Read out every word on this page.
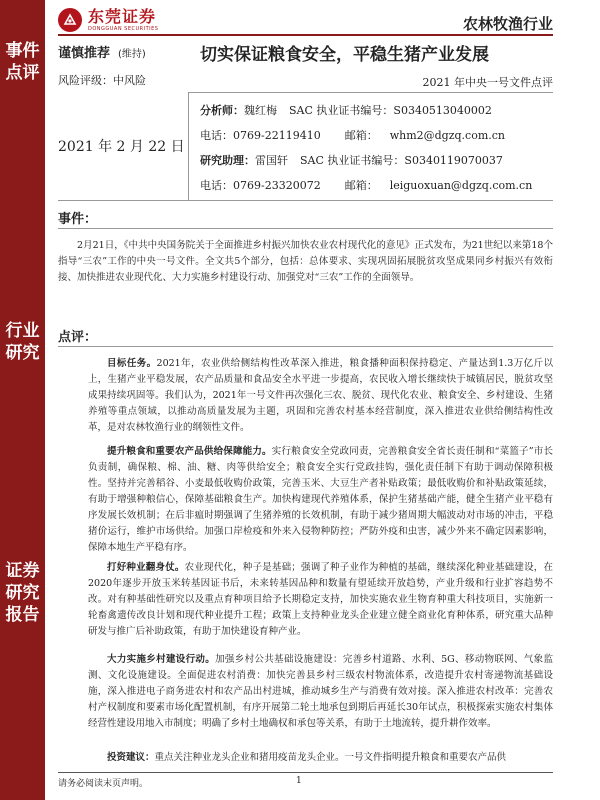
事件
点评
行业
研究
证券
研究
报告
东莞证券
DONGGUAN SECURITIES	农林牧渔行业
谨慎推荐 (维持)	切实保证粮食安全，平稳生猪产业发展
风险评级：中风险	2021 年中央一号文件点评
2021 年 2 月 22 日
分析师：魏红梅 SAC 执业证书编号：S0340513040002
电话：0769-22119410 邮箱： whm2@dgzq.com.cn
研究助理：雷国轩 SAC 执业证书编号：S0340119070037
电话：0769-23320072 邮箱： leiguoxuan@dgzq.com.cn
事件：
2月21日，《中共中央国务院关于全面推进乡村振兴加快农业农村现代化的意见》正式发布，为21世纪以来第18个指导“三农”工作的中央一号文件。全文共5个部分，包括：总体要求、实现巩固拓展脱贫攻坚成果同乡村振兴有效衔接、加快推进农业现代化、大力实施乡村建设行动、加强党对“三农”工作的全面领导。
点评：
目标任务。2021年，农业供给侧结构性改革深入推进，粮食播种面积保持稳定、产量达到1.3万亿斤以上，生猪产业平稳发展，农产品质量和食品安全水平进一步提高，农民收入增长继续快于城镇居民，脱贫攻坚成果持续巩固等。我们认为，2021年一号文件再次强化三农、脱贫、现代化农业、粮食安全、乡村建设、生猪养殖等重点领域，以推动高质量发展为主题，巩固和完善农村基本经营制度，深入推进农业供给侧结构性改革，是对农林牧渔行业的纲领性文件。
提升粮食和重要农产品供给保障能力。实行粮食安全党政同责，完善粮食安全省长责任制和“菜篮子”市长负责制，确保粮、棉、油、糖、肉等供给安全；粮食安全实行党政挂钩，强化责任制下有助于调动保障积极性。坚持并完善稻谷、小麦最低收购价政策，完善玉米、大豆生产者补贴政策；最低收购价和补贴政策延续，有助于增强种粮信心，保障基础粮食生产。加快构建现代养殖体系，保护生猪基础产能，健全生猪产业平稳有序发展长效机制；在后非瘟时期强调了生猪养殖的长效机制，有助于减少猪周期大幅波动对市场的冲击，平稳猪价运行，维护市场供给。加强口岸检疫和外来入侵物种防控；严防外疫和虫害，减少外来不确定因素影响，保障本地生产平稳有序。
打好种业翻身仗。农业现代化，种子是基础；强调了种子业作为种植的基础，继续深化种业基础建设，在2020年逐步开放玉米转基因证书后，未来转基因品种和数量有望延续开放趋势，产业升级和行业扩容趋势不改。对有种基础性研究以及重点育种项目给予长期稳定支持，加快实施农业生物育种重大科技项目，实施新一轮畜禽遗传改良计划和现代种业提升工程；政策上支持种业龙头企业建立健全商业化育种体系，研究重大品种研发与推广后补助政策，有助于加快建设育种产业。
大力实施乡村建设行动。加强乡村公共基础设施建设：完善乡村道路、水利、5G、移动物联网、气象监测、文化设施建设。全面促进农村消费：加快完善县乡村三级农村物流体系，改造提升农村寄递物流基础设施，深入推进电子商务进农村和农产品出村进城，推动城乡生产与消费有效对接。深入推进农村改革：完善农村产权制度和要素市场化配置机制，有序开展第二轮土地承包到期后再延长30年试点，积极探索实施农村集体经营性建设用地入市制度；明确了乡村土地确权和承包等关系，有助于土地流转，提升耕作效率。
投资建议：重点关注种业龙头企业和猪用疫苗龙头企业。一号文件指明提升粮食和重要农产品供
请务必阅读末页声明。	1
